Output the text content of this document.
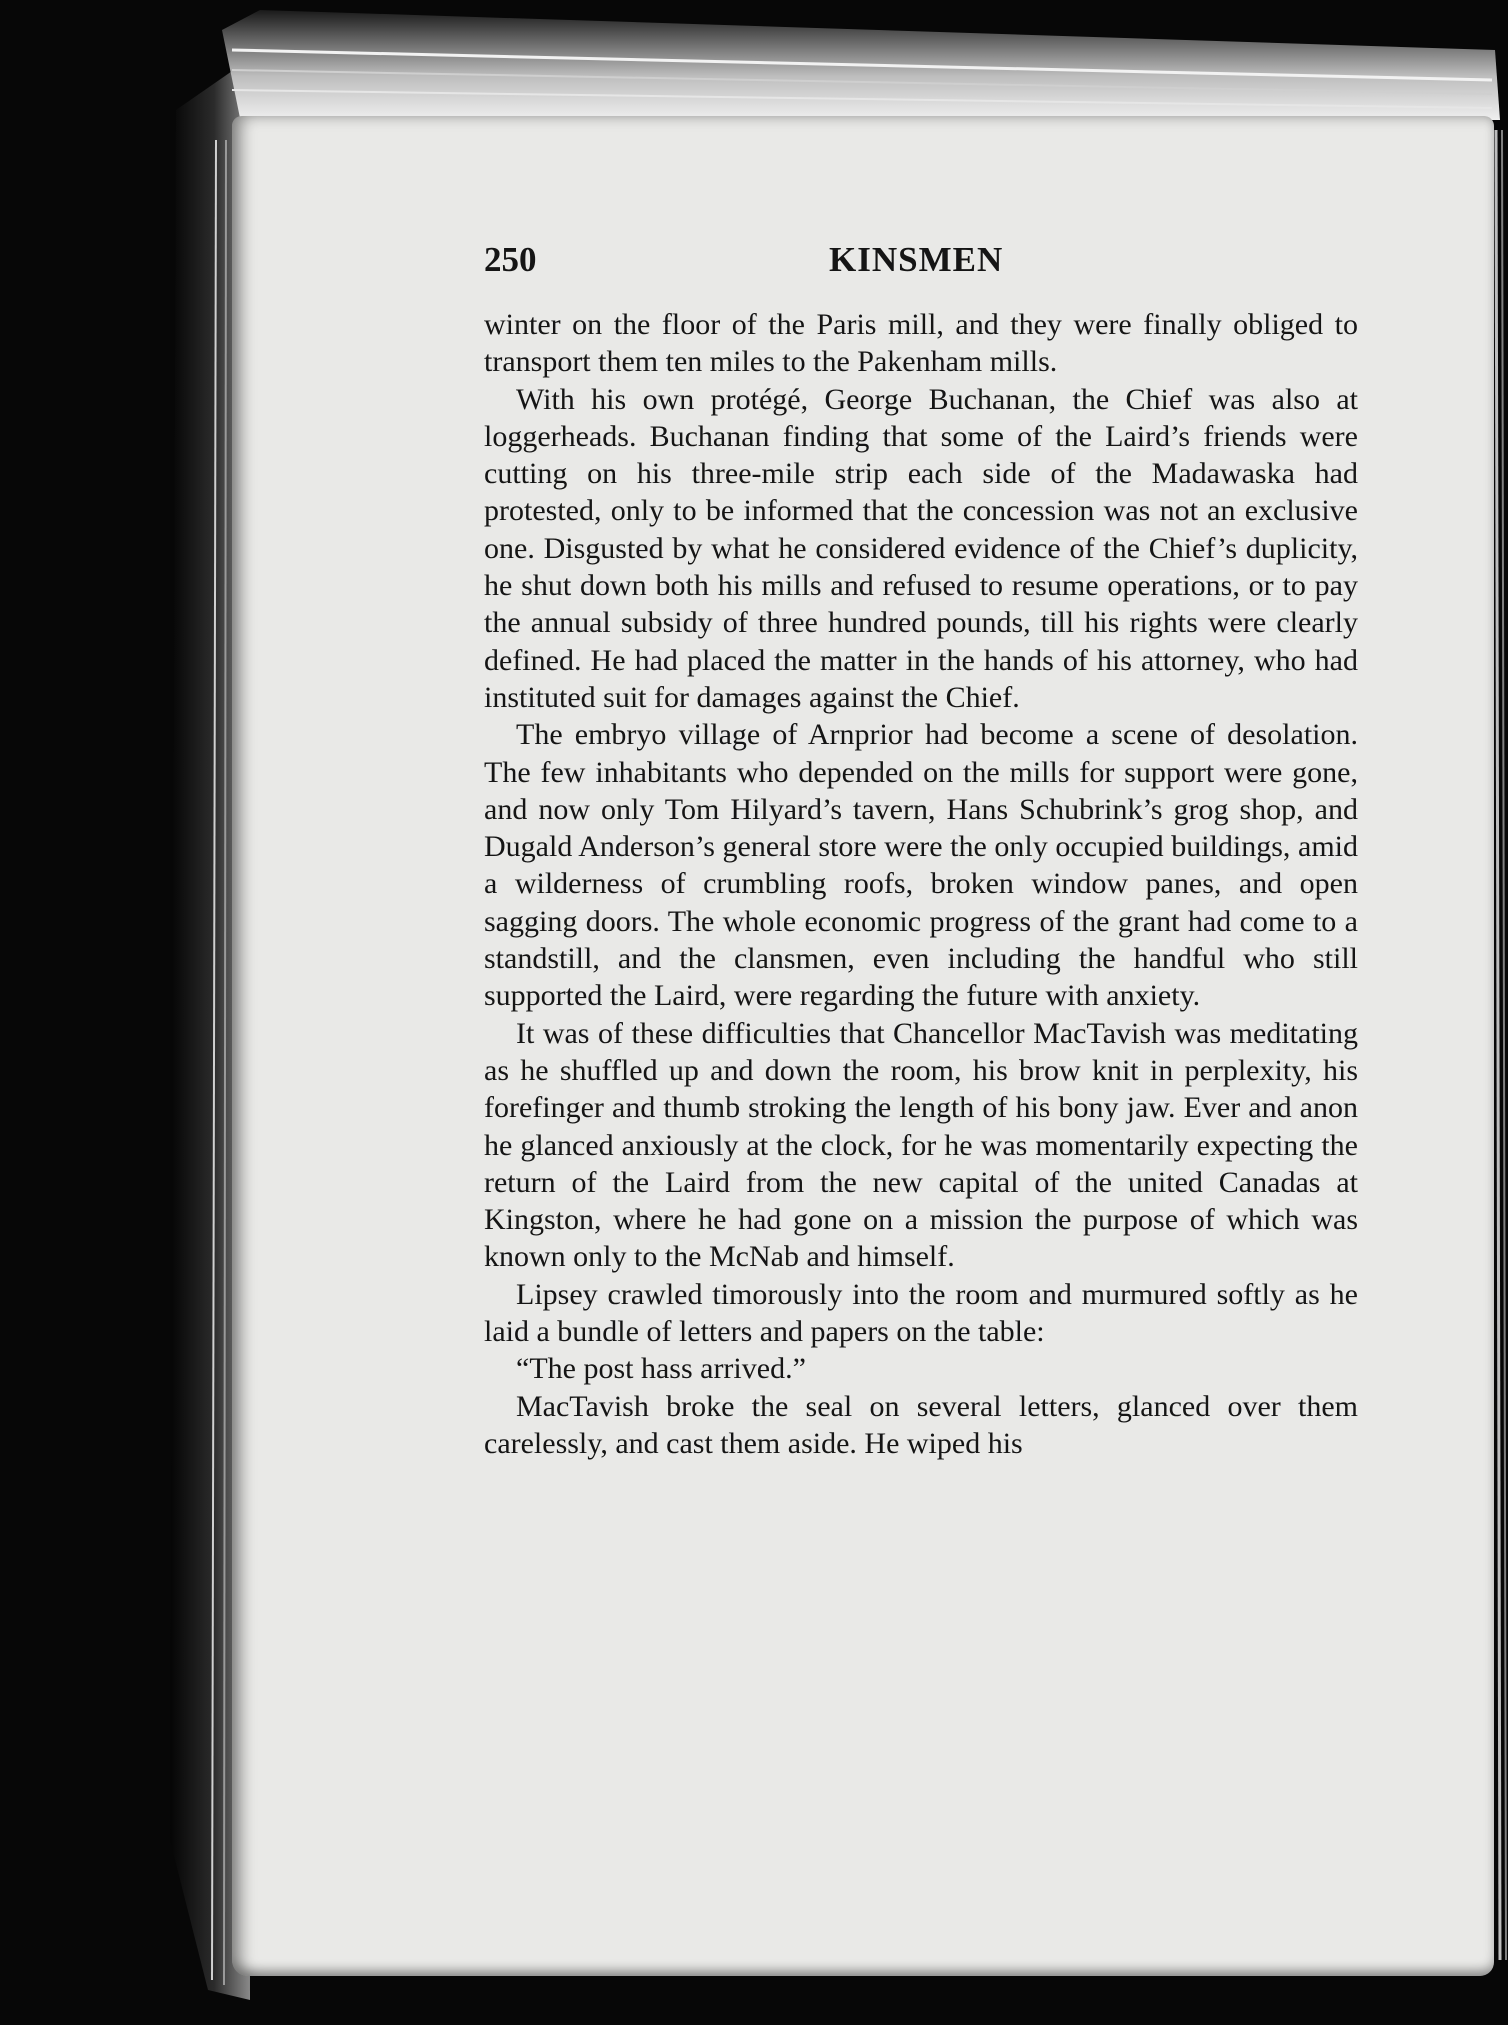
250	KINSMEN

winter on the floor of the Paris mill, and they were finally obliged to transport them ten miles to the Pakenham mills.

With his own protégé, George Buchanan, the Chief was also at loggerheads. Buchanan finding that some of the Laird’s friends were cutting on his three-mile strip each side of the Madawaska had protested, only to be informed that the concession was not an exclusive one. Disgusted by what he considered evidence of the Chief’s duplicity, he shut down both his mills and refused to resume operations, or to pay the annual subsidy of three hundred pounds, till his rights were clearly defined. He had placed the matter in the hands of his attorney, who had instituted suit for damages against the Chief.

The embryo village of Arnprior had become a scene of desolation. The few inhabitants who depended on the mills for support were gone, and now only Tom Hilyard’s tavern, Hans Schubrink’s grog shop, and Dugald Anderson’s general store were the only occupied buildings, amid a wilderness of crumbling roofs, broken window panes, and open sagging doors. The whole economic progress of the grant had come to a standstill, and the clansmen, even including the handful who still supported the Laird, were regarding the future with anxiety.

It was of these difficulties that Chancellor MacTavish was meditating as he shuffled up and down the room, his brow knit in perplexity, his forefinger and thumb stroking the length of his bony jaw. Ever and anon he glanced anxiously at the clock, for he was momentarily expecting the return of the Laird from the new capital of the united Canadas at Kingston, where he had gone on a mission the purpose of which was known only to the McNab and himself.

Lipsey crawled timorously into the room and murmured softly as he laid a bundle of letters and papers on the table:

“The post hass arrived.”

MacTavish broke the seal on several letters, glanced over them carelessly, and cast them aside. He wiped his
